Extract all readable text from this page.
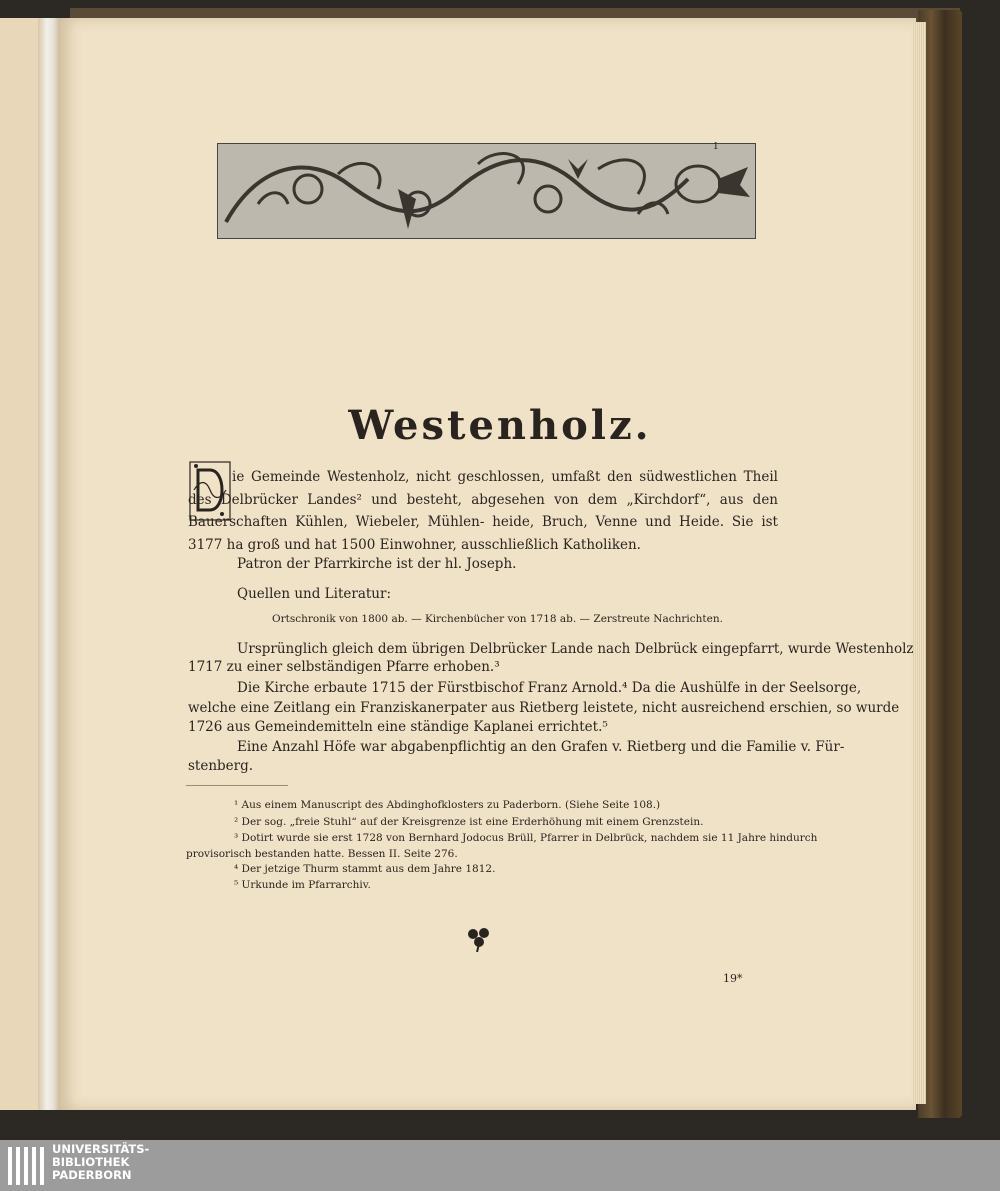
1
Westenholz.
ie Gemeinde Westenholz, nicht geschlossen, umfaßt den südwestlichen Theil des Delbrücker Landes² und besteht, abgesehen von dem „Kirchdorf“, aus den Bauerschaften Kühlen, Wiebeler, Mühlen- heide, Bruch, Venne und Heide. Sie ist 3177 ha groß und hat 1500 Einwohner, ausschließlich Katholiken.
Patron der Pfarrkirche ist der hl. Joseph.
Quellen und Literatur:
Ortschronik von 1800 ab. — Kirchenbücher von 1718 ab. — Zerstreute Nachrichten.
Ursprünglich gleich dem übrigen Delbrücker Lande nach Delbrück eingepfarrt, wurde Westenholz
1717 zu einer selbständigen Pfarre erhoben.³
Die Kirche erbaute 1715 der Fürstbischof Franz Arnold.⁴ Da die Aushülfe in der Seelsorge,
welche eine Zeitlang ein Franziskanerpater aus Rietberg leistete, nicht ausreichend erschien, so wurde
1726 aus Gemeindemitteln eine ständige Kaplanei errichtet.⁵
Eine Anzahl Höfe war abgabenpflichtig an den Grafen v. Rietberg und die Familie v. Für-
stenberg.
¹ Aus einem Manuscript des Abdinghofklosters zu Paderborn. (Siehe Seite 108.)
² Der sog. „freie Stuhl“ auf der Kreisgrenze ist eine Erderhöhung mit einem Grenzstein.
³ Dotirt wurde sie erst 1728 von Bernhard Jodocus Brüll, Pfarrer in Delbrück, nachdem sie 11 Jahre hindurch
provisorisch bestanden hatte. Bessen II. Seite 276.
⁴ Der jetzige Thurm stammt aus dem Jahre 1812.
⁵ Urkunde im Pfarrarchiv.
19*
UNIVERSITÄTS-
BIBLIOTHEK
PADERBORN
